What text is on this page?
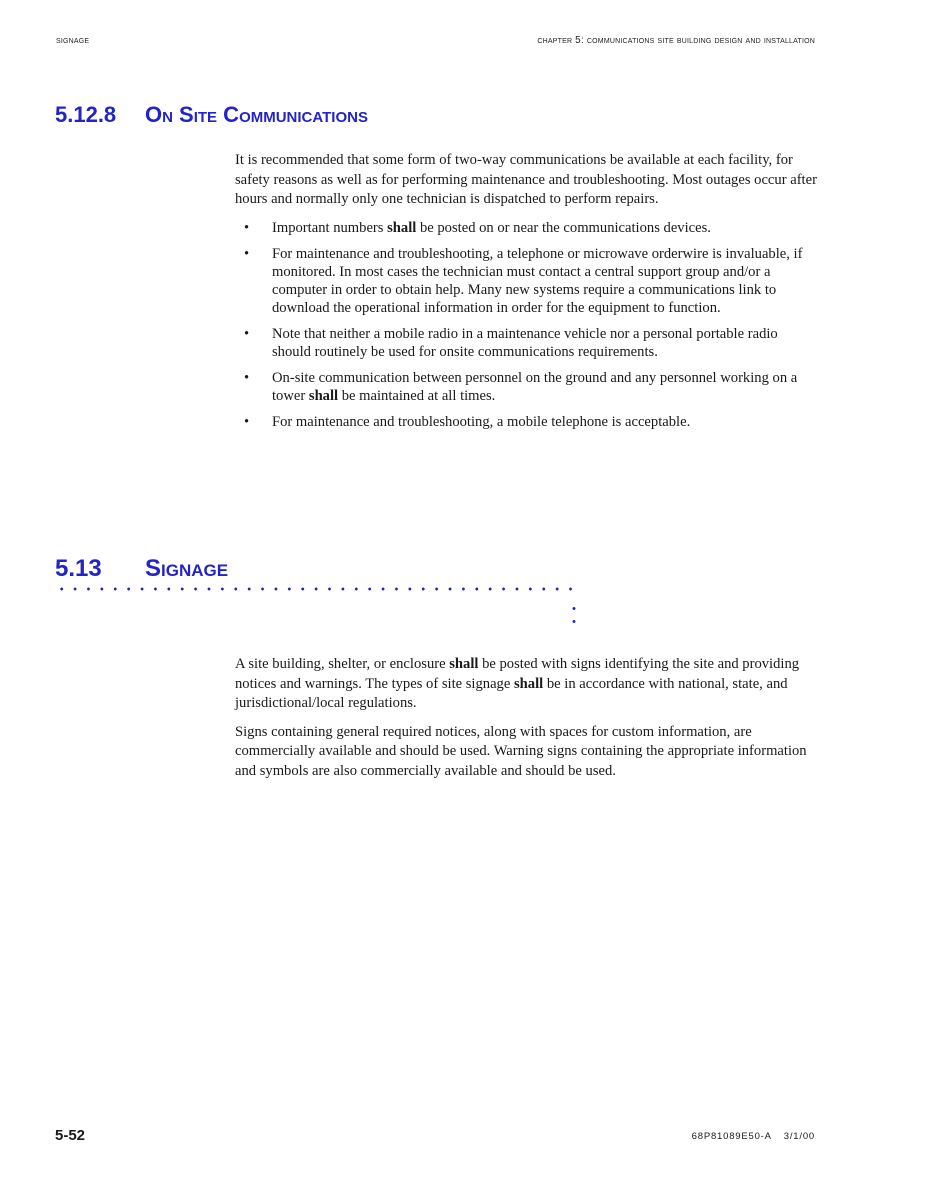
signage	chapter 5: communications site building design and installation
5.12.8	On Site Communications

It is recommended that some form of two-way communications be available at each facility, for safety reasons as well as for performing maintenance and troubleshooting. Most outages occur after hours and normally only one technician is dispatched to perform repairs.

• Important numbers shall be posted on or near the communications devices.
• For maintenance and troubleshooting, a telephone or microwave orderwire is invaluable, if monitored. In most cases the technician must contact a central support group and/or a computer in order to obtain help. Many new systems require a communications link to download the operational information in order for the equipment to function.
• Note that neither a mobile radio in a maintenance vehicle nor a personal portable radio should routinely be used for onsite communications requirements.
• On-site communication between personnel on the ground and any personnel working on a tower shall be maintained at all times.
• For maintenance and troubleshooting, a mobile telephone is acceptable.
5.13	Signage

A site building, shelter, or enclosure shall be posted with signs identifying the site and providing notices and warnings. The types of site signage shall be in accordance with national, state, and jurisdictional/local regulations.

Signs containing general required notices, along with spaces for custom information, are commercially available and should be used. Warning signs containing the appropriate information and symbols are also commercially available and should be used.

5-52	68P81089E50-A 3/1/00
